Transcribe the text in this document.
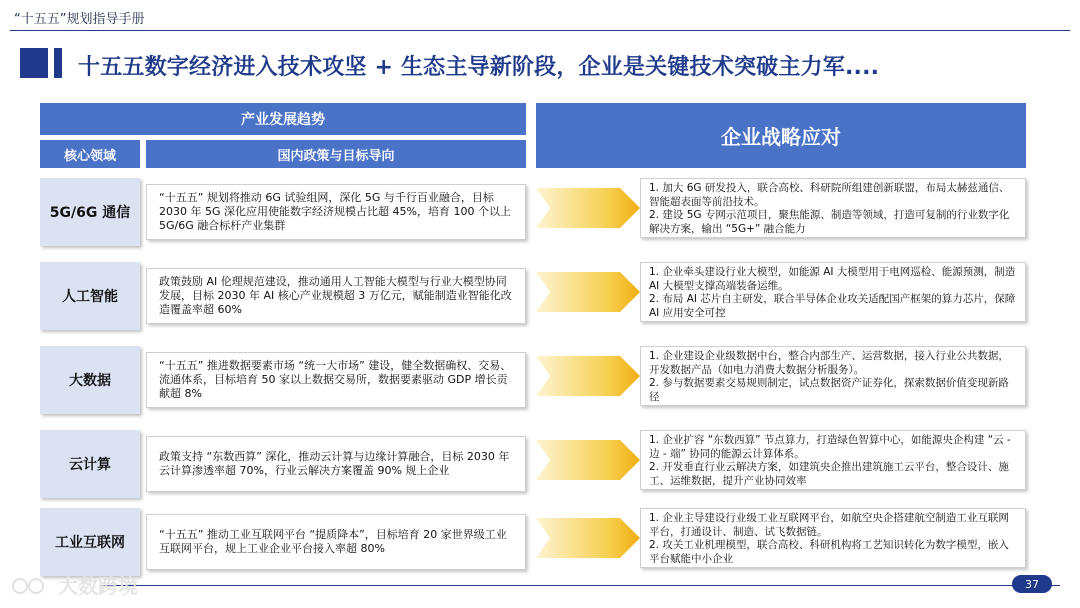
“十五五”规划指导手册
十五五数字经济进入技术攻坚 + 生态主导新阶段，企业是关键技术突破主力军....
产业发展趋势
核心领域	国内政策与目标导向
企业战略应对
5G/6G 通信
“十五五” 规划将推动 6G 试验组网，深化 5G 与千行百业融合，目标 2030 年 5G 深化应用使能数字经济规模占比超 45%，培育 100 个以上 5G/6G 融合标杆产业集群

1. 加大 6G 研发投入，联合高校、科研院所组建创新联盟，布局太赫兹通信、智能超表面等前沿技术。

2. 建设 5G 专网示范项目，聚焦能源、制造等领域，打造可复制的行业数字化解决方案，输出 “5G+” 融合能力

人工智能
政策鼓励 AI 伦理规范建设，推动通用人工智能大模型与行业大模型协同发展，目标 2030 年 AI 核心产业规模超 3 万亿元，赋能制造业智能化改造覆盖率超 60%

1. 企业牵头建设行业大模型，如能源 AI 大模型用于电网巡检、能源预测，制造 AI 大模型支撑高端装备运维。

2. 布局 AI 芯片自主研发，联合半导体企业攻关适配国产框架的算力芯片，保障 AI 应用安全可控

大数据
“十五五” 推进数据要素市场 “统一大市场” 建设，健全数据确权、交易、流通体系，目标培育 50 家以上数据交易所，数据要素驱动 GDP 增长贡献超 8%

1. 企业建设企业级数据中台，整合内部生产、运营数据，接入行业公共数据，开发数据产品（如电力消费大数据分析服务）。

2. 参与数据要素交易规则制定，试点数据资产证券化，探索数据价值变现新路径

云计算
政策支持 “东数西算” 深化，推动云计算与边缘计算融合，目标 2030 年云计算渗透率超 70%，行业云解决方案覆盖 90% 规上企业

1. 企业扩容 “东数西算” 节点算力，打造绿色智算中心，如能源央企构建 “云 - 边 - 端” 协同的能源云计算体系。

2. 开发垂直行业云解决方案，如建筑央企推出建筑施工云平台，整合设计、施工、运维数据，提升产业协同效率

工业互联网
“十五五” 推动工业互联网平台 “提质降本”，目标培育 20 家世界级工业互联网平台，规上工业企业平台接入率超 80%

1. 企业主导建设行业级工业互联网平台，如航空央企搭建航空制造工业互联网平台，打通设计、制造、试飞数据链。

2. 攻关工业机理模型，联合高校、科研机构将工艺知识转化为数字模型，嵌入平台赋能中小企业

37
大数跨境
